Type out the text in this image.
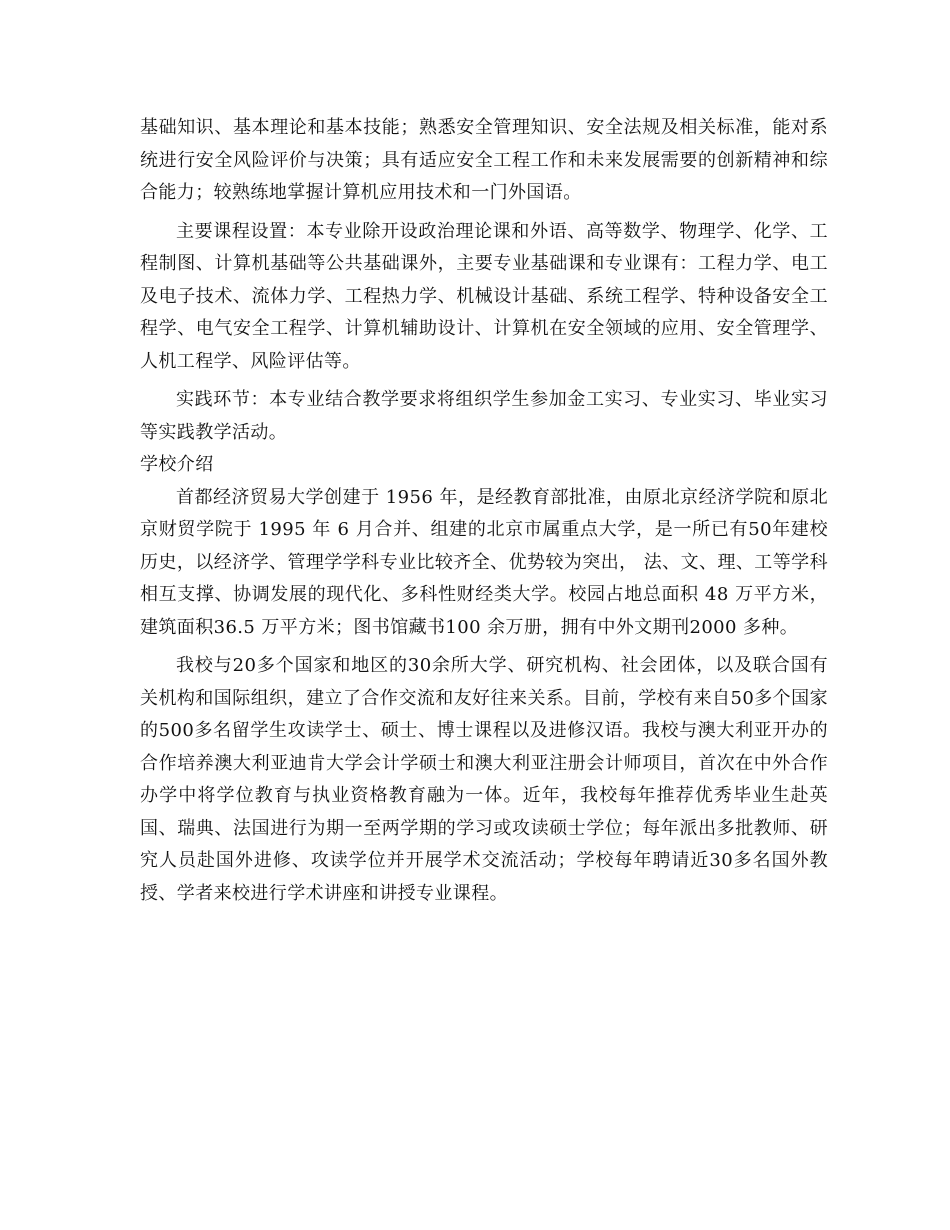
基础知识、基本理论和基本技能；熟悉安全管理知识、安全法规及相关标准，能对系统进行安全风险评价与决策；具有适应安全工程工作和未来发展需要的创新精神和综合能力；较熟练地掌握计算机应用技术和一门外国语。

主要课程设置：本专业除开设政治理论课和外语、高等数学、物理学、化学、工程制图、计算机基础等公共基础课外，主要专业基础课和专业课有：工程力学、电工及电子技术、流体力学、工程热力学、机械设计基础、系统工程学、特种设备安全工程学、电气安全工程学、计算机辅助设计、计算机在安全领域的应用、安全管理学、人机工程学、风险评估等。

实践环节：本专业结合教学要求将组织学生参加金工实习、专业实习、毕业实习等实践教学活动。

学校介绍

首都经济贸易大学创建于 1956 年，是经教育部批准，由原北京经济学院和原北京财贸学院于 1995 年 6 月合并、组建的北京市属重点大学，是一所已有50年建校历史，以经济学、管理学学科专业比较齐全、优势较为突出， 法、文、理、工等学科相互支撑、协调发展的现代化、多科性财经类大学。校园占地总面积 48 万平方米，建筑面积36.5 万平方米；图书馆藏书100 余万册，拥有中外文期刊2000 多种。

我校与20多个国家和地区的30余所大学、研究机构、社会团体，以及联合国有关机构和国际组织，建立了合作交流和友好往来关系。目前，学校有来自50多个国家的500多名留学生攻读学士、硕士、博士课程以及进修汉语。我校与澳大利亚开办的合作培养澳大利亚迪肯大学会计学硕士和澳大利亚注册会计师项目，首次在中外合作办学中将学位教育与执业资格教育融为一体。近年，我校每年推荐优秀毕业生赴英国、瑞典、法国进行为期一至两学期的学习或攻读硕士学位；每年派出多批教师、研究人员赴国外进修、攻读学位并开展学术交流活动；学校每年聘请近30多名国外教授、学者来校进行学术讲座和讲授专业课程。
